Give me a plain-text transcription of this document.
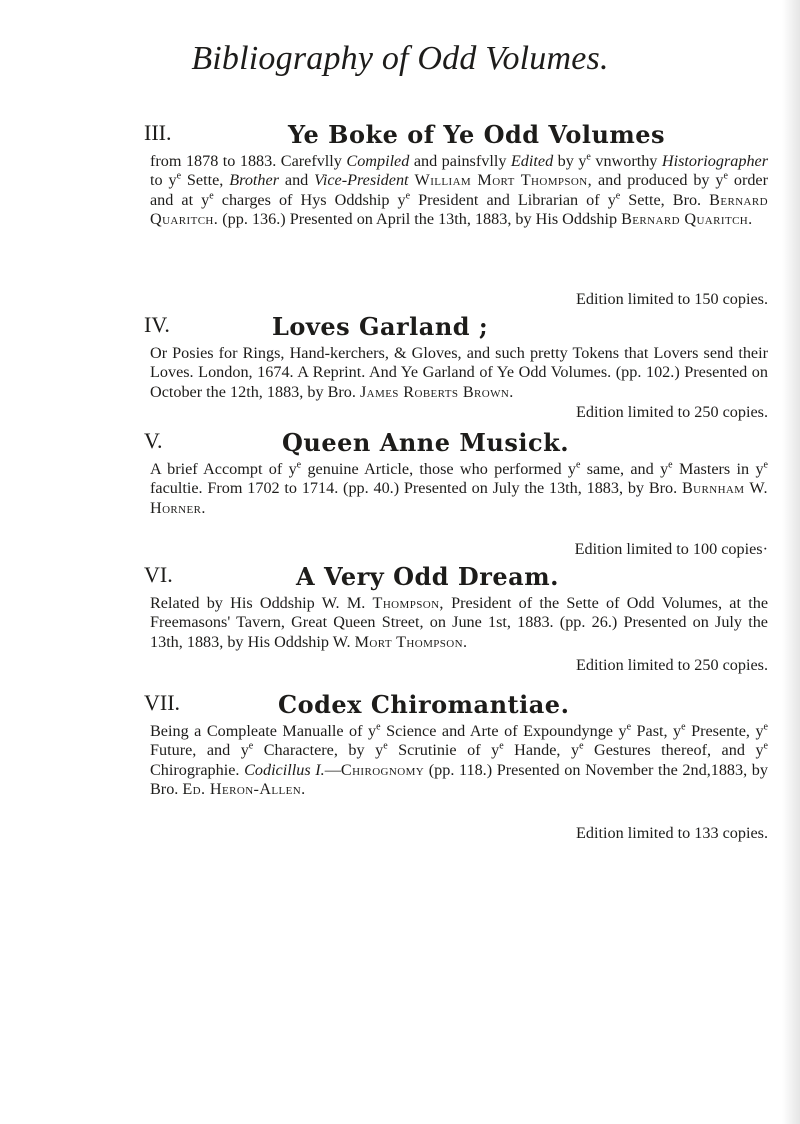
Bibliography of Odd Volumes.
III.	Ye Boke of Ye Odd Volumes
from 1878 to 1883. Carefvlly Compiled and painsfvlly Edited by $y^e$ vnworthy Historiographer to $y^e$ Sette, Brother and Vice-President William Mort Thompson, and produced by $y^e$ order and at $y^e$ charges of Hys Oddship $y^e$ President and Librarian of $y^e$ Sette, Bro. Bernard Quaritch. (pp. 136.) Presented on April the 13th, 1883, by His Oddship Bernard Quaritch.
Edition limited to 150 copies.
IV.	Loves Garland ;
Or Posies for Rings, Hand-kerchers, & Gloves, and such pretty Tokens that Lovers send their Loves. London, 1674. A Reprint. And Ye Garland of Ye Odd Volumes. (pp. 102.) Presented on October the 12th, 1883, by Bro. James Roberts Brown.
Edition limited to 250 copies.
V.	Queen Anne Musick.
A brief Accompt of $y^e$ genuine Article, those who performed $y^e$ same, and $y^e$ Masters in $y^e$ facultie. From 1702 to 1714. (pp. 40.) Presented on July the 13th, 1883, by Bro. Burnham W. Horner.
Edition limited to 100 copies·
VI.	A Very Odd Dream.
Related by His Oddship W. M. Thompson, President of the Sette of Odd Volumes, at the Freemasons' Tavern, Great Queen Street, on June 1st, 1883. (pp. 26.) Presented on July the 13th, 1883, by His Oddship W. Mort Thompson.
Edition limited to 250 copies.
VII.	Codex Chiromantiae.
Being a Compleate Manualle of $y^e$ Science and Arte of Expoundynge $y^e$ Past, $y^e$ Presente, $y^e$ Future, and $y^e$ Charactere, by $y^e$ Scrutinie of $y^e$ Hande, $y^e$ Gestures thereof, and $y^e$ Chirographie. Codicillus I.—Chirognomy (pp. 118.) Presented on November the 2nd,1883, by Bro. Ed. Heron-Allen.
Edition limited to 133 copies.
